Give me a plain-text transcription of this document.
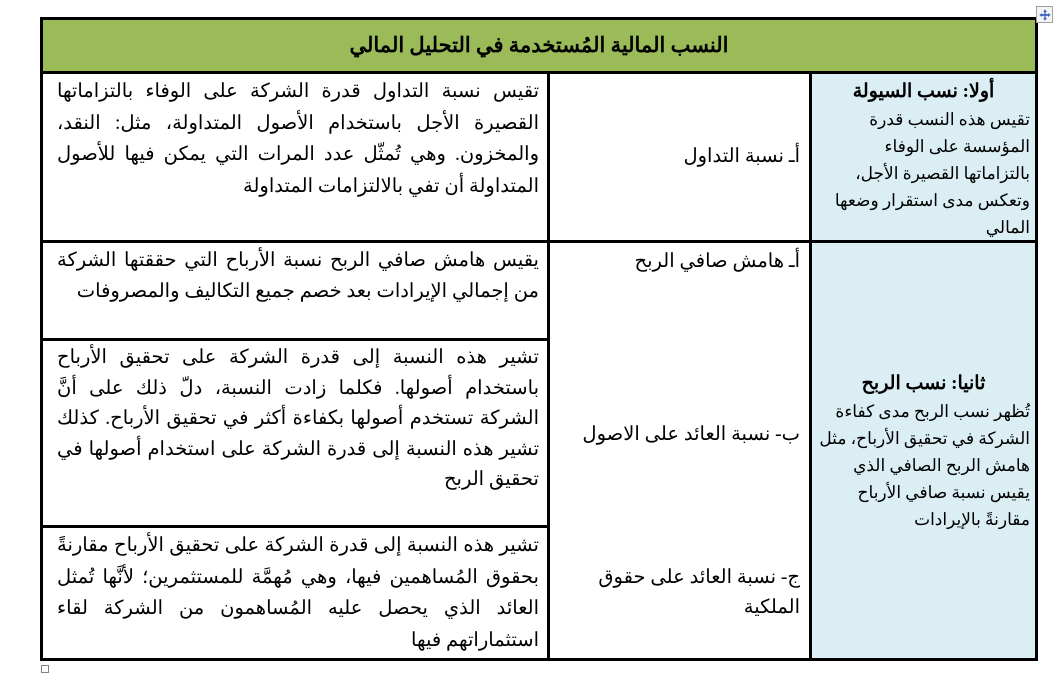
النسب المالية المُستخدمة في التحليل المالي
أولا: نسب السيولة
تقيس هذه النسب قدرة المؤسسة على الوفاء بالتزاماتها القصيرة الأجل، وتعكس مدى استقرار وضعها المالي
أـ نسبة التداول
تقيس نسبة التداول قدرة الشركة على الوفاء بالتزاماتها القصيرة الأجل باستخدام الأصول المتداولة، مثل: النقد، والمخزون. وهي تُمثّل عدد المرات التي يمكن فيها للأصول المتداولة أن تفي بالالتزامات المتداولة
ثانيا: نسب الربح
تُظهر نسب الربح مدى كفاءة الشركة في تحقيق الأرباح، مثل هامش الربح الصافي الذي يقيس نسبة صافي الأرباح مقارنةً بالإيرادات
أـ هامش صافي الربح
يقيس هامش صافي الربح نسبة الأرباح التي حققتها الشركة من إجمالي الإيرادات بعد خصم جميع التكاليف والمصروفات
ب- نسبة العائد على الاصول
تشير هذه النسبة إلى قدرة الشركة على تحقيق الأرباح باستخدام أصولها. فكلما زادت النسبة، دلّ ذلك على أنَّ الشركة تستخدم أصولها بكفاءة أكثر في تحقيق الأرباح. كذلك تشير هذه النسبة إلى قدرة الشركة على استخدام أصولها في تحقيق الربح
ج- نسبة العائد على حقوق الملكية
تشير هذه النسبة إلى قدرة الشركة على تحقيق الأرباح مقارنةً بحقوق المُساهمين فيها، وهي مُهمَّة للمستثمرين؛ لأنَّها تُمثل العائد الذي يحصل عليه المُساهمون من الشركة لقاء استثماراتهم فيها
